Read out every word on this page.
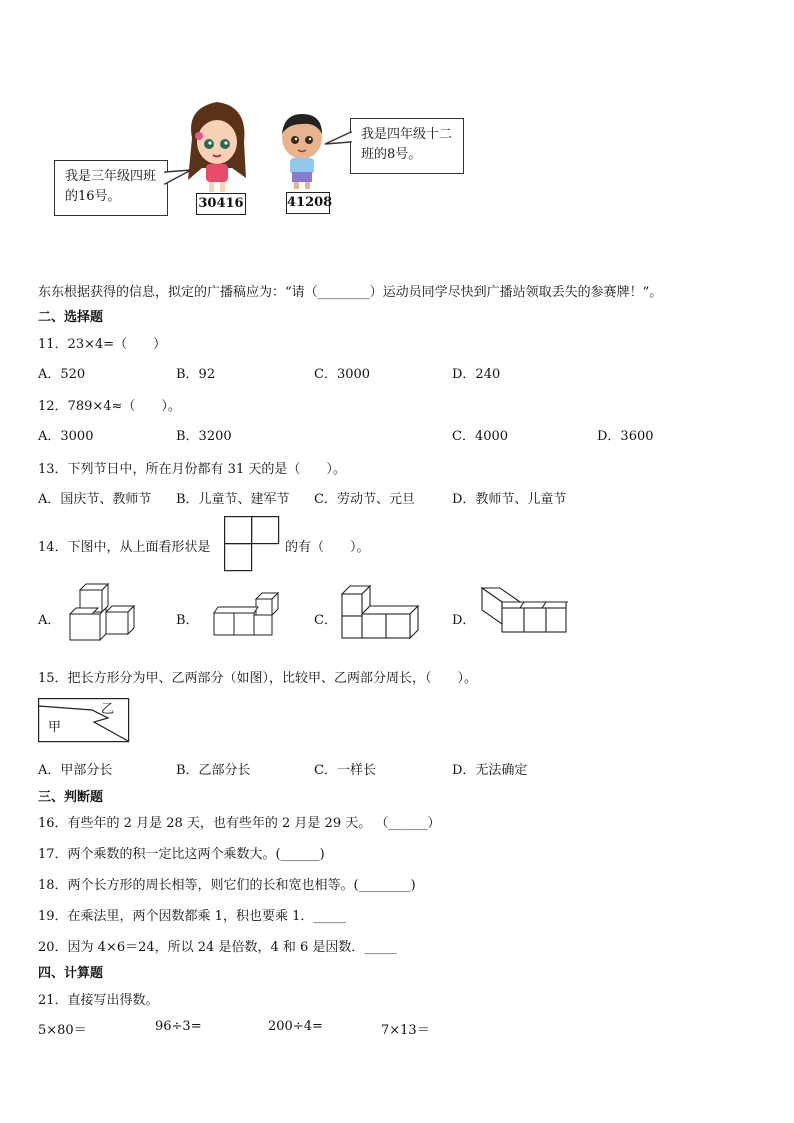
我是三年级四班的16号。	30416	41208
我是四年级十二班的8号。
东东根据获得的信息，拟定的广播稿应为：“请（________）运动员同学尽快到广播站领取丢失的参赛牌！”。
二、选择题
11．23×4=（　　）
A．520	B．92	C．3000	D．240
12．789×4≈（　　）。
A．3000	B．3200	C．4000	D．3600
13．下列节日中，所在月份都有 31 天的是（　　）。
A．国庆节、教师节 B．儿童节、建军节 C．劳动节、元旦	D．教师节、儿童节
14．下图中，从上面看形状是	的有（　　）。
A．	B．	C．	D．
15．把长方形分为甲、乙两部分（如图），比较甲、乙两部分周长，（　　）。
甲
乙
A．甲部分长	B．乙部分长	C．一样长	D．无法确定
三、判断题
16．有些年的 2 月是 28 天，也有些年的 2 月是 29 天。 （______）
17．两个乘数的积一定比这两个乘数大。(______)
18．两个长方形的周长相等，则它们的长和宽也相等。(________)
19．在乘法里，两个因数都乘 1，积也要乘 1．_____
20．因为 4×6＝24，所以 24 是倍数，4 和 6 是因数．_____
四、计算题
21．直接写出得数。
5×80＝	96÷3=	200÷4=	7×13＝
